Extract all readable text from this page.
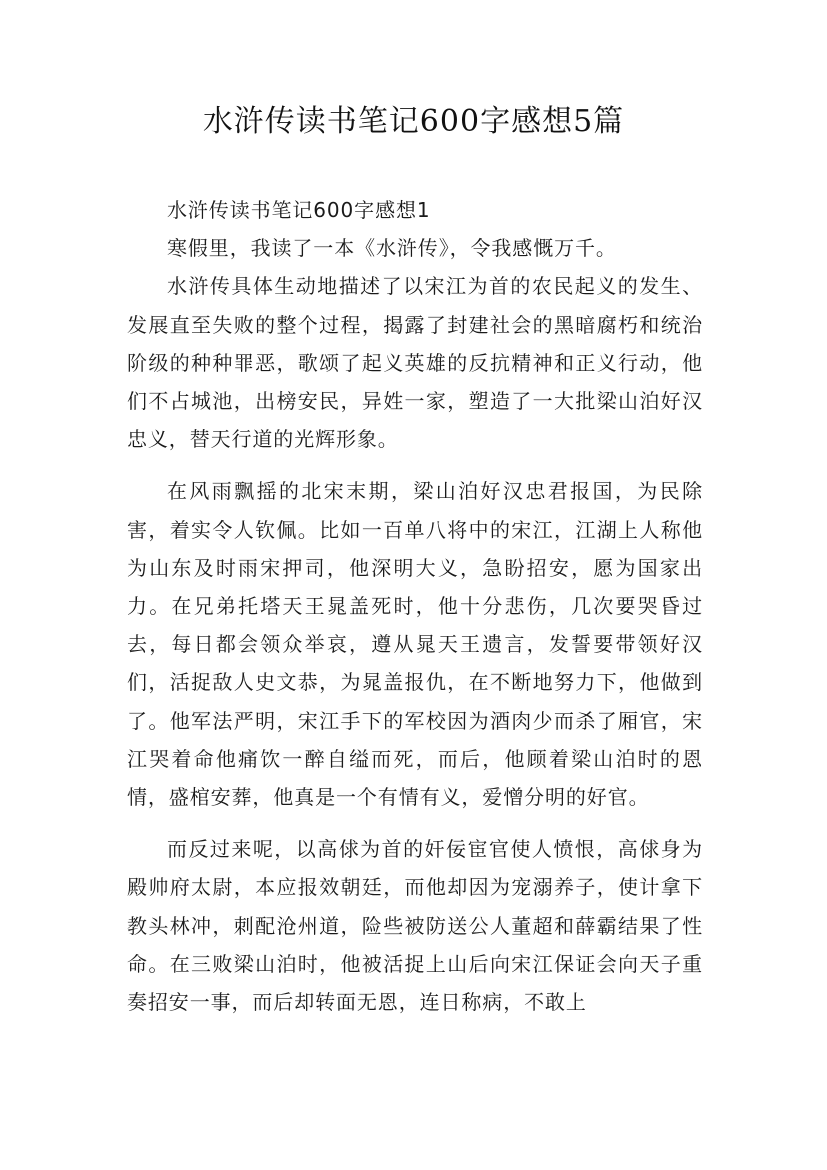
水浒传读书笔记600字感想5篇

水浒传读书笔记600字感想1

寒假里，我读了一本《水浒传》，令我感慨万千。

水浒传具体生动地描述了以宋江为首的农民起义的发生、发展直至失败的整个过程，揭露了封建社会的黑暗腐朽和统治阶级的种种罪恶，歌颂了起义英雄的反抗精神和正义行动，他们不占城池，出榜安民，异姓一家，塑造了一大批梁山泊好汉忠义，替天行道的光辉形象。

在风雨飘摇的北宋末期，梁山泊好汉忠君报国，为民除害，着实令人钦佩。比如一百单八将中的宋江，江湖上人称他为山东及时雨宋押司，他深明大义，急盼招安，愿为国家出力。在兄弟托塔天王晁盖死时，他十分悲伤，几次要哭昏过去，每日都会领众举哀，遵从晁天王遗言，发誓要带领好汉们，活捉敌人史文恭，为晁盖报仇，在不断地努力下，他做到了。他军法严明，宋江手下的军校因为酒肉少而杀了厢官，宋江哭着命他痛饮一醉自缢而死，而后，他顾着梁山泊时的恩情，盛棺安葬，他真是一个有情有义，爱憎分明的好官。

而反过来呢，以高俅为首的奸佞宦官使人愤恨，高俅身为殿帅府太尉，本应报效朝廷，而他却因为宠溺养子，使计拿下教头林冲，刺配沧州道，险些被防送公人董超和薛霸结果了性命。在三败梁山泊时，他被活捉上山后向宋江保证会向天子重奏招安一事，而后却转面无恩，连日称病，不敢上
